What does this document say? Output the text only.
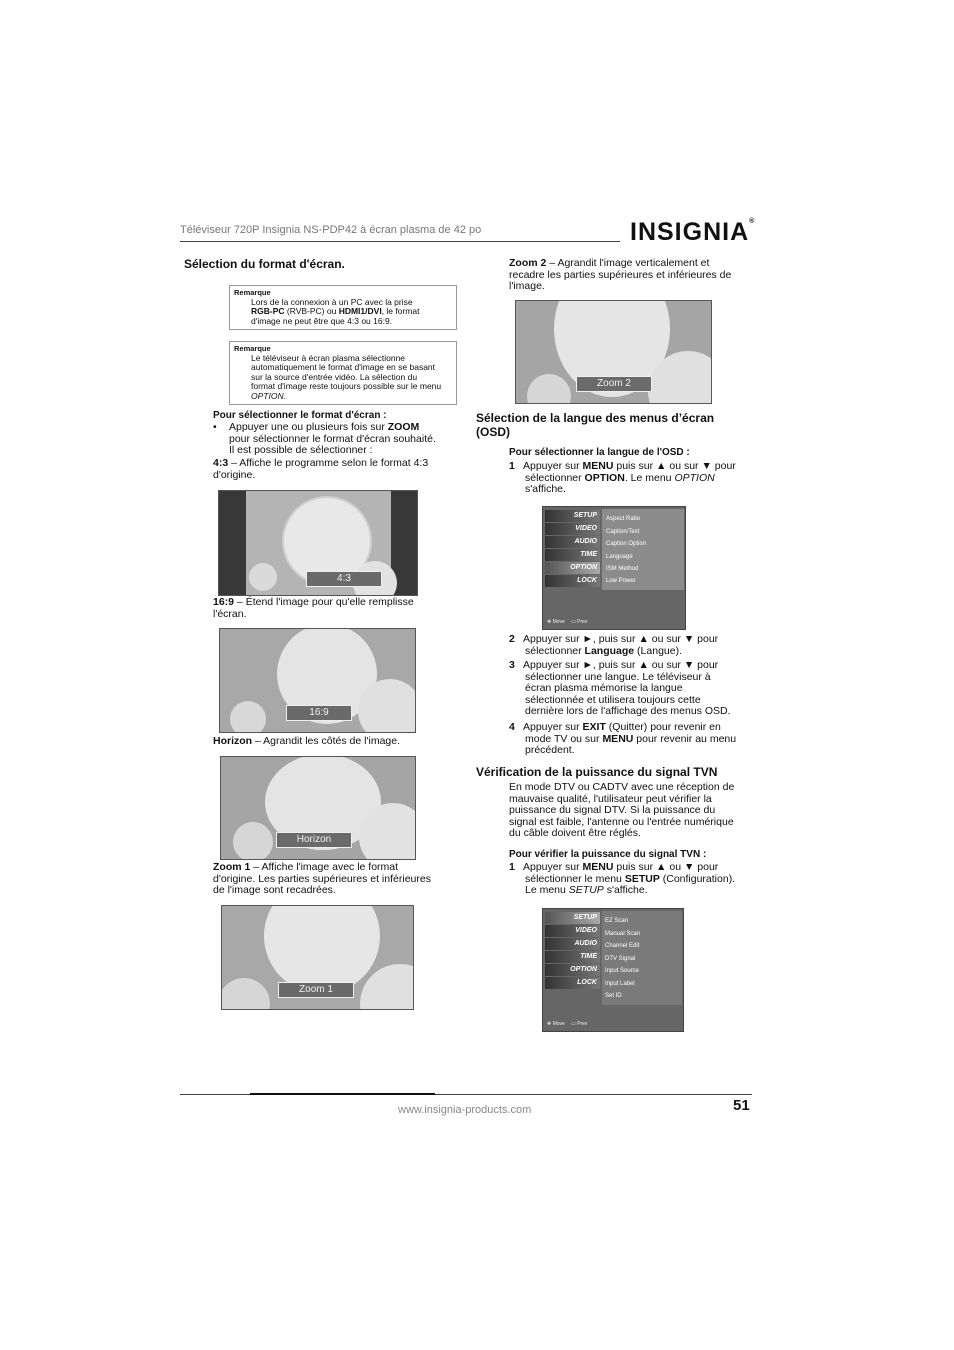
Téléviseur 720P Insignia NS-PDP42 à écran plasma de 42 po	INSIGNIA®
Sélection du format d'écran.
Remarque
Lors de la connexion à un PC avec la prise
RGB-PC (RVB-PC) ou HDMI1/DVI, le format
d'image ne peut être que 4:3 ou 16:9.
Remarque
Le téléviseur à écran plasma sélectionne
automatiquement le format d'image en se basant
sur la source d'entrée vidéo. La sélection du
format d'image reste toujours possible sur le menu
OPTION.
Pour sélectionner le format d'écran :
• Appuyer une ou plusieurs fois sur ZOOM
pour sélectionner le format d'écran souhaité.
Il est possible de sélectionner :
4:3 – Affiche le programme selon le format 4:3
d'origine.
4:3
16:9 – Étend l'image pour qu'elle remplisse
l'écran.
16:9
Horizon – Agrandit les côtés de l'image.
Horizon
Zoom 1 – Affiche l'image avec le format
d'origine. Les parties supérieures et inférieures
de l'image sont recadrées.
Zoom 1
Zoom 2 – Agrandit l'image verticalement et
recadre les parties supérieures et inférieures de
l'image.
Zoom 2
Sélection de la langue des menus d’écran
(OSD)
Pour sélectionner la langue de l'OSD :
1 Appuyer sur MENU puis sur ▲ ou sur ▼ pour
sélectionner OPTION. Le menu OPTION
s'affiche.
SETUP
VIDEO
AUDIO
TIME
OPTION
LOCK
Aspect Ratio
Caption/Text
Caption Option
Language
ISM Method
Low Power
✥ Move ▭ Prev
2 Appuyer sur ►, puis sur ▲ ou sur ▼ pour
sélectionner Language (Langue).
3 Appuyer sur ►, puis sur ▲ ou sur ▼ pour
sélectionner une langue. Le téléviseur à
écran plasma mémorise la langue
sélectionnée et utilisera toujours cette
dernière lors de l'affichage des menus OSD.
4 Appuyer sur EXIT (Quitter) pour revenir en
mode TV ou sur MENU pour revenir au menu
précédent.
Vérification de la puissance du signal TVN
En mode DTV ou CADTV avec une réception de
mauvaise qualité, l'utilisateur peut vérifier la
puissance du signal DTV. Si la puissance du
signal est faible, l'antenne ou l'entrée numérique
du câble doivent être réglés.
Pour vérifier la puissance du signal TVN :
1 Appuyer sur MENU puis sur ▲ ou ▼ pour
sélectionner le menu SETUP (Configuration).
Le menu SETUP s'affiche.
SETUP
VIDEO
AUDIO
TIME
OPTION
LOCK
EZ Scan
Manual Scan
Channel Edit
DTV Signal
Input Source
Input Label
Set ID
✥ Move ▭ Prev
www.insignia-products.com	51
